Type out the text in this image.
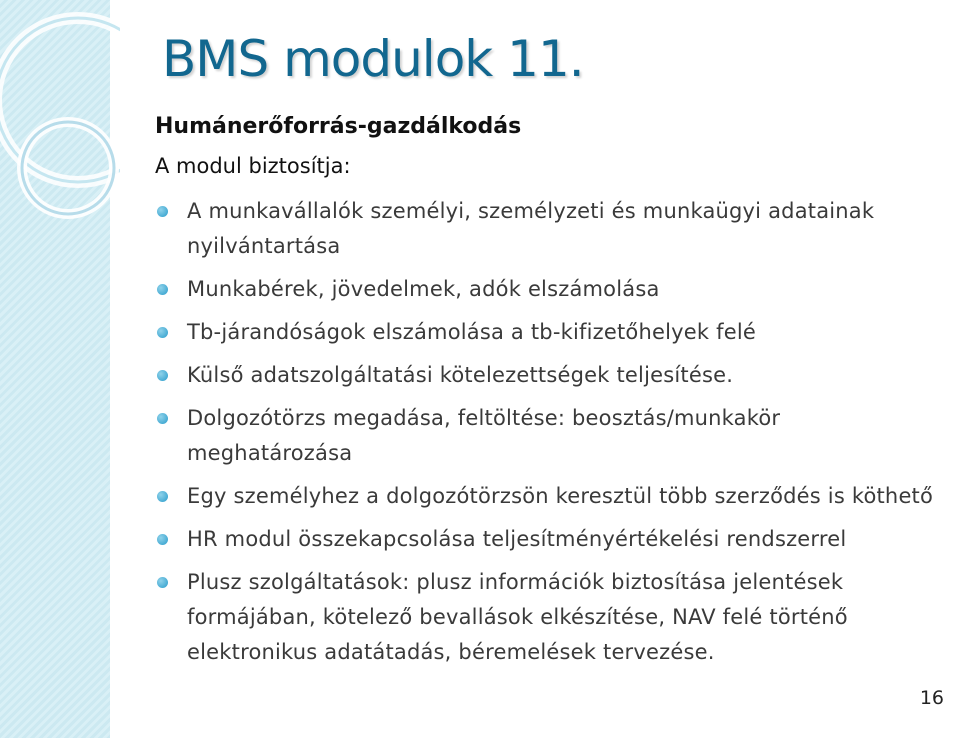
BMS modulok 11.

Humánerőforrás-gazdálkodás

A modul biztosítja:

A munkavállalók személyi, személyzeti és munkaügyi adatainak nyilvántartása
Munkabérek, jövedelmek, adók elszámolása
Tb-járandóságok elszámolása a tb-kifizetőhelyek felé
Külső adatszolgáltatási kötelezettségek teljesítése.
Dolgozótörzs megadása, feltöltése: beosztás/munkakör meghatározása
Egy személyhez a dolgozótörzsön keresztül több szerződés is köthető
HR modul összekapcsolása teljesítményértékelési rendszerrel
Plusz szolgáltatások: plusz információk biztosítása jelentések formájában, kötelező bevallások elkészítése, NAV felé történő elektronikus adatátadás, béremelések tervezése.
16
